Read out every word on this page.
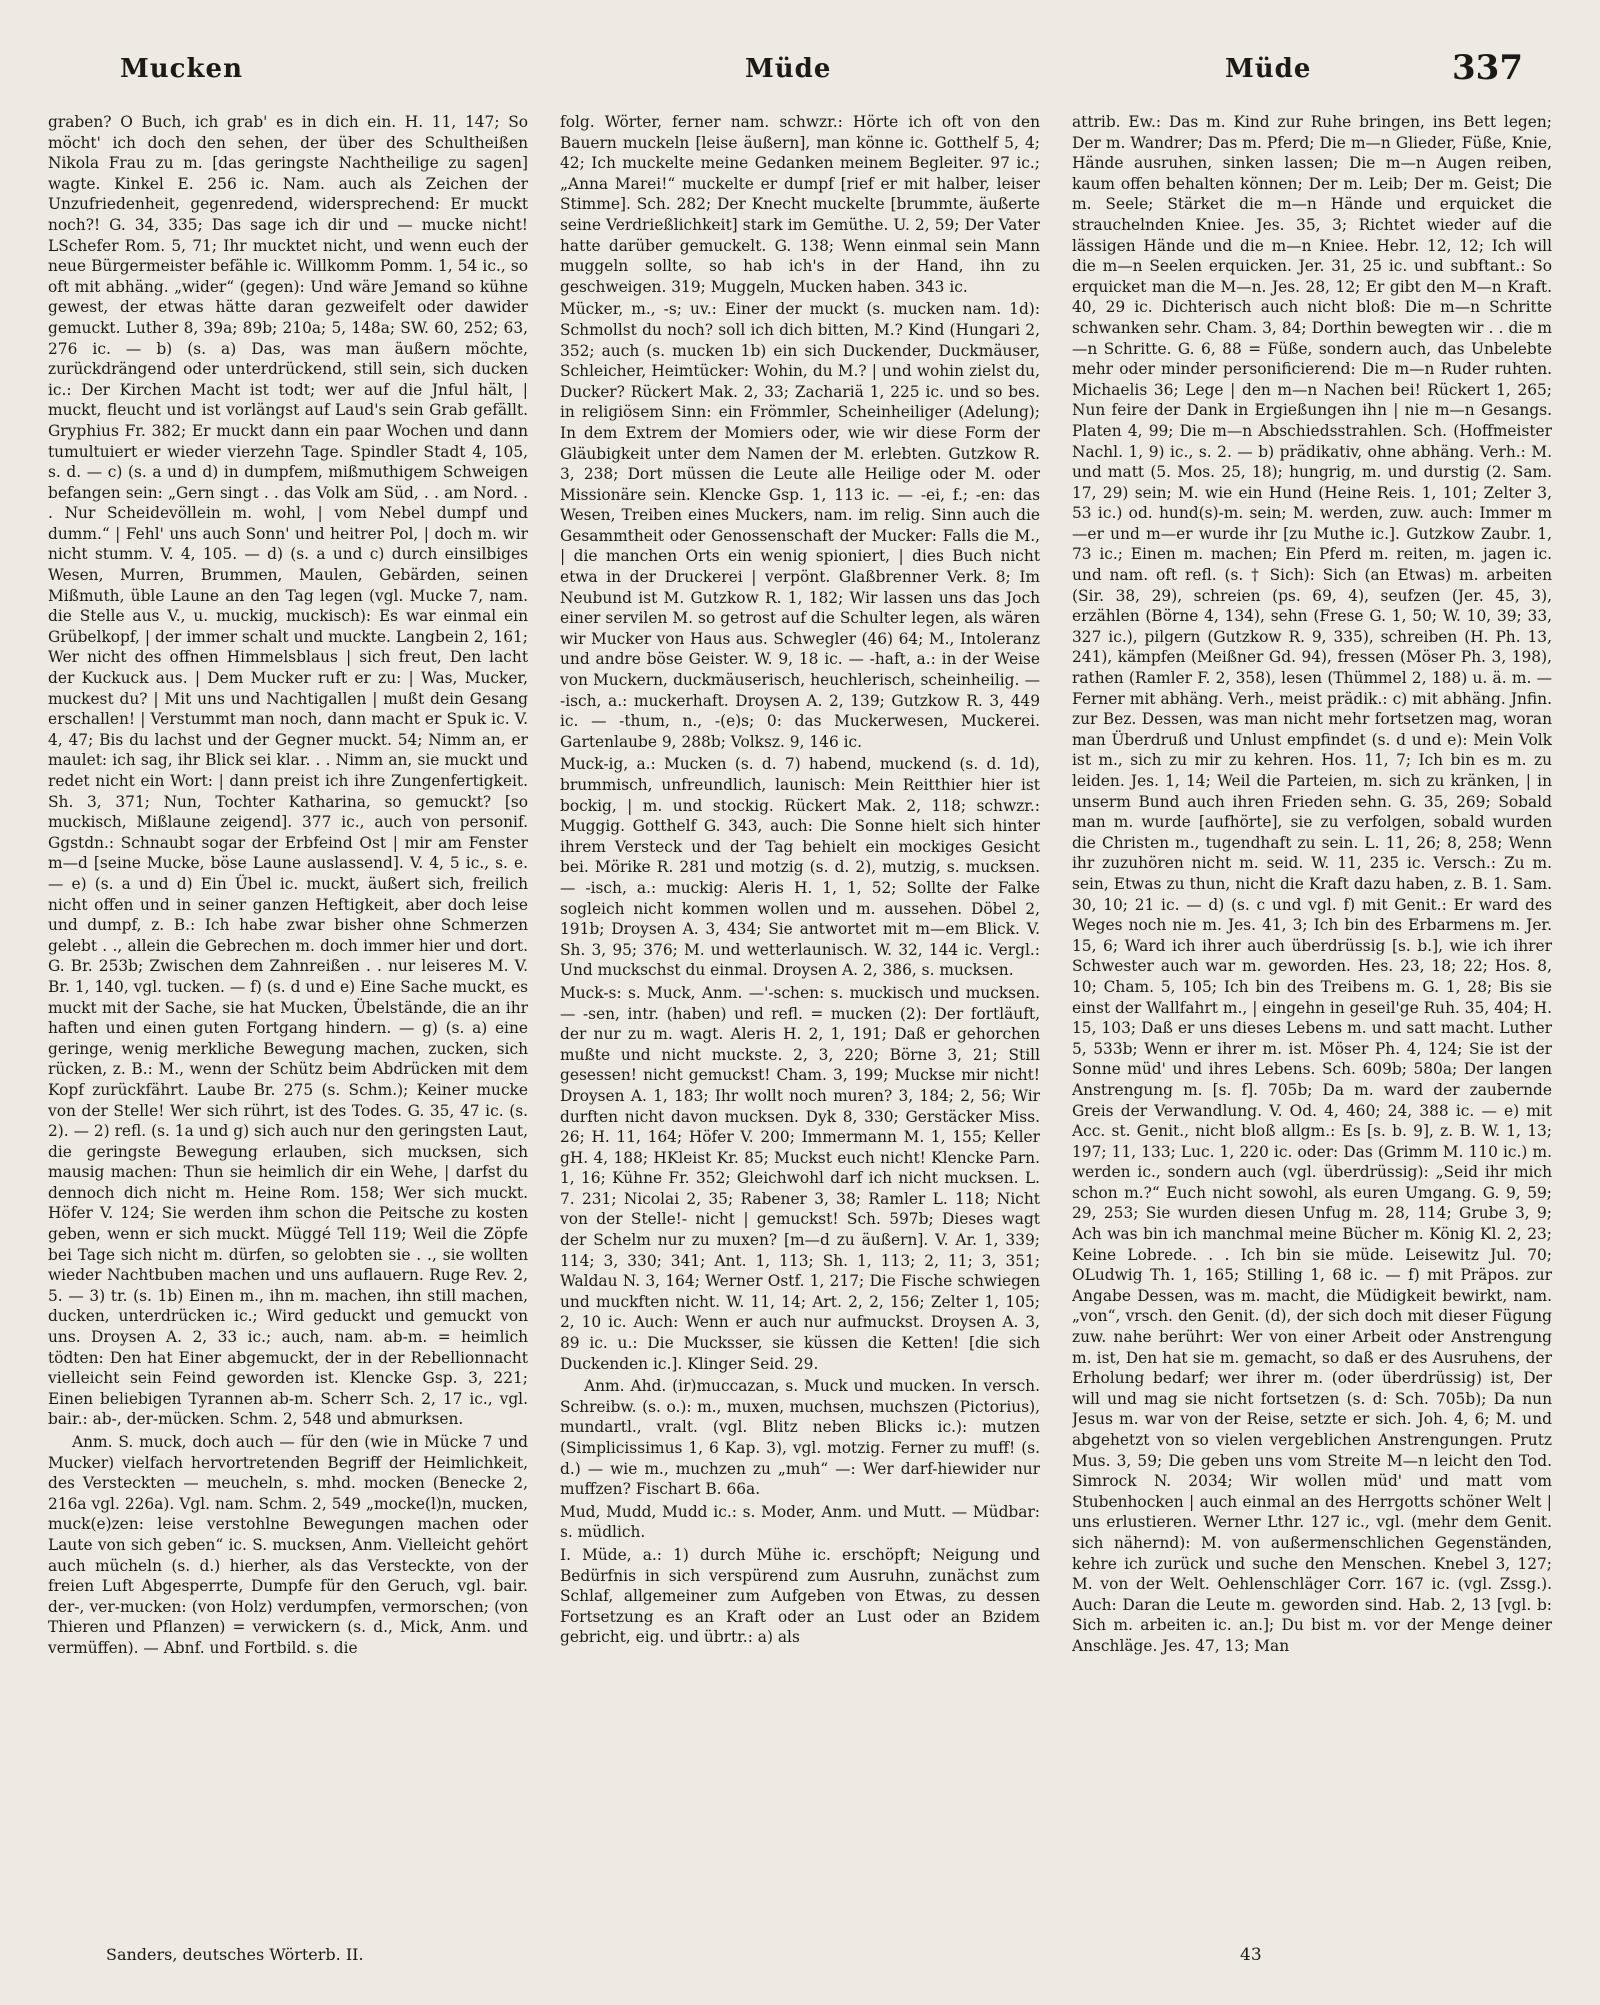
Mucken	Müde	Müde	337

graben? O Buch, ich grab' es in dich ein. H. 11, 147; So möcht' ich doch den sehen, der über des Schultheißen Nikola Frau zu m. [das geringste Nachtheilige zu sagen] wagte. Kinkel E. 256 ic. Nam. auch als Zeichen der Unzufriedenheit, gegenredend, widersprechend: Er muckt noch?! G. 34, 335; Das sage ich dir und — mucke nicht! LSchefer Rom. 5, 71; Ihr mucktet nicht, und wenn euch der neue Bürgermeister befähle ic. Willkomm Pomm. 1, 54 ic., so oft mit abhäng. „wider“ (gegen): Und wäre Jemand so kühne gewest, der etwas hätte daran gezweifelt oder dawider gemuckt. Luther 8, 39a; 89b; 210a; 5, 148a; SW. 60, 252; 63, 276 ic. — b) (s. a) Das, was man äußern möchte, zurückdrängend oder unterdrückend, still sein, sich ducken ic.: Der Kirchen Macht ist todt; wer auf die Jnful hält, | muckt, fleucht und ist vorlängst auf Laud's sein Grab gefällt. Gryphius Fr. 382; Er muckt dann ein paar Wochen und dann tumultuiert er wieder vierzehn Tage. Spindler Stadt 4, 105, s. d. — c) (s. a und d) in dumpfem, mißmuthigem Schweigen befangen sein: „Gern singt . . das Volk am Süd, . . am Nord. . . Nur Scheidevöllein m. wohl, | vom Nebel dumpf und dumm.“ | Fehl' uns auch Sonn' und heitrer Pol, | doch m. wir nicht stumm. V. 4, 105. — d) (s. a und c) durch einsilbiges Wesen, Murren, Brummen, Maulen, Gebärden, seinen Mißmuth, üble Laune an den Tag legen (vgl. Mucke 7, nam. die Stelle aus V., u. muckig, muckisch): Es war einmal ein Grübelkopf, | der immer schalt und muckte. Langbein 2, 161; Wer nicht des offnen Himmelsblaus | sich freut, Den lacht der Kuckuck aus. | Dem Mucker ruft er zu: | Was, Mucker, muckest du? | Mit uns und Nachtigallen | mußt dein Gesang erschallen! | Verstummt man noch, dann macht er Spuk ic. V. 4, 47; Bis du lachst und der Gegner muckt. 54; Nimm an, er maulet: ich sag, ihr Blick sei klar. . . Nimm an, sie muckt und redet nicht ein Wort: | dann preist ich ihre Zungenfertigkeit. Sh. 3, 371; Nun, Tochter Katharina, so gemuckt? [so muckisch, Mißlaune zeigend]. 377 ic., auch von personif. Ggstdn.: Schnaubt sogar der Erbfeind Ost | mir am Fenster m—d [seine Mucke, böse Laune auslassend]. V. 4, 5 ic., s. e. — e) (s. a und d) Ein Übel ic. muckt, äußert sich, freilich nicht offen und in seiner ganzen Heftigkeit, aber doch leise und dumpf, z. B.: Ich habe zwar bisher ohne Schmerzen gelebt . ., allein die Gebrechen m. doch immer hier und dort. G. Br. 253b; Zwischen dem Zahnreißen . . nur leiseres M. V. Br. 1, 140, vgl. tucken. — f) (s. d und e) Eine Sache muckt, es muckt mit der Sache, sie hat Mucken, Übelstände, die an ihr haften und einen guten Fortgang hindern. — g) (s. a) eine geringe, wenig merkliche Bewegung machen, zucken, sich rücken, z. B.: M., wenn der Schütz beim Abdrücken mit dem Kopf zurückfährt. Laube Br. 275 (s. Schm.); Keiner mucke von der Stelle! Wer sich rührt, ist des Todes. G. 35, 47 ic. (s. 2). — 2) refl. (s. 1a und g) sich auch nur den geringsten Laut, die geringste Bewegung erlauben, sich mucksen, sich mausig machen: Thun sie heimlich dir ein Wehe, | darfst du dennoch dich nicht m. Heine Rom. 158; Wer sich muckt. Höfer V. 124; Sie werden ihm schon die Peitsche zu kosten geben, wenn er sich muckt. Müggé Tell 119; Weil die Zöpfe bei Tage sich nicht m. dürfen, so gelobten sie . ., sie wollten wieder Nachtbuben machen und uns auflauern. Ruge Rev. 2, 5. — 3) tr. (s. 1b) Einen m., ihn m. machen, ihn still machen, ducken, unterdrücken ic.; Wird geduckt und gemuckt von uns. Droysen A. 2, 33 ic.; auch, nam. ab-m. = heimlich tödten: Den hat Einer abgemuckt, der in der Rebellionnacht vielleicht sein Feind geworden ist. Klencke Gsp. 3, 221; Einen beliebigen Tyrannen ab-m. Scherr Sch. 2, 17 ic., vgl. bair.: ab-, der-mücken. Schm. 2, 548 und abmurksen.

Anm. S. muck, doch auch — für den (wie in Mücke 7 und Mucker) vielfach hervortretenden Begriff der Heimlichkeit, des Versteckten — meucheln, s. mhd. mocken (Benecke 2, 216a vgl. 226a). Vgl. nam. Schm. 2, 549 „mocke(l)n, mucken, muck(e)zen: leise verstohlne Bewegungen machen oder Laute von sich geben“ ic. S. mucksen, Anm. Vielleicht gehört auch mücheln (s. d.) hierher, als das Versteckte, von der freien Luft Abgesperrte, Dumpfe für den Geruch, vgl. bair. der-, ver-mucken: (von Holz) verdumpfen, vermorschen; (von Thieren und Pflanzen) = verwickern (s. d., Mick, Anm. und vermüffen). — Abnf. und Fortbild. s. die

folg. Wörter, ferner nam. schwzr.: Hörte ich oft von den Bauern muckeln [leise äußern], man könne ic. Gotthelf 5, 4; 42; Ich muckelte meine Gedanken meinem Begleiter. 97 ic.; „Anna Marei!“ muckelte er dumpf [rief er mit halber, leiser Stimme]. Sch. 282; Der Knecht muckelte [brummte, äußerte seine Verdrießlichkeit] stark im Gemüthe. U. 2, 59; Der Vater hatte darüber gemuckelt. G. 138; Wenn einmal sein Mann muggeln sollte, so hab ich's in der Hand, ihn zu geschweigen. 319; Muggeln, Mucken haben. 343 ic.

Mücker, m., -s; uv.: Einer der muckt (s. mucken nam. 1d): Schmollst du noch? soll ich dich bitten, M.? Kind (Hungari 2, 352; auch (s. mucken 1b) ein sich Duckender, Duckmäuser, Schleicher, Heimtücker: Wohin, du M.? | und wohin zielst du, Ducker? Rückert Mak. 2, 33; Zachariä 1, 225 ic. und so bes. in religiösem Sinn: ein Frömmler, Scheinheiliger (Adelung); In dem Extrem der Momiers oder, wie wir diese Form der Gläubigkeit unter dem Namen der M. erlebten. Gutzkow R. 3, 238; Dort müssen die Leute alle Heilige oder M. oder Missionäre sein. Klencke Gsp. 1, 113 ic. — -ei, f.; -en: das Wesen, Treiben eines Muckers, nam. im relig. Sinn auch die Gesammtheit oder Genossenschaft der Mucker: Falls die M., | die manchen Orts ein wenig spioniert, | dies Buch nicht etwa in der Druckerei | verpönt. Glaßbrenner Verk. 8; Im Neubund ist M. Gutzkow R. 1, 182; Wir lassen uns das Joch einer servilen M. so getrost auf die Schulter legen, als wären wir Mucker von Haus aus. Schwegler (46) 64; M., Intoleranz und andre böse Geister. W. 9, 18 ic. — -haft, a.: in der Weise von Muckern, duckmäuserisch, heuchlerisch, scheinheilig. — -isch, a.: muckerhaft. Droysen A. 2, 139; Gutzkow R. 3, 449 ic. — -thum, n., -(e)s; 0: das Muckerwesen, Muckerei. Gartenlaube 9, 288b; Volksz. 9, 146 ic.

Muck-ig, a.: Mucken (s. d. 7) habend, muckend (s. d. 1d), brummisch, unfreundlich, launisch: Mein Reitthier hier ist bockig, | m. und stockig. Rückert Mak. 2, 118; schwzr.: Muggig. Gotthelf G. 343, auch: Die Sonne hielt sich hinter ihrem Versteck und der Tag behielt ein mockiges Gesicht bei. Mörike R. 281 und motzig (s. d. 2), mutzig, s. mucksen. — -isch, a.: muckig: Aleris H. 1, 1, 52; Sollte der Falke sogleich nicht kommen wollen und m. aussehen. Döbel 2, 191b; Droysen A. 3, 434; Sie antwortet mit m—em Blick. V. Sh. 3, 95; 376; M. und wetterlaunisch. W. 32, 144 ic. Vergl.: Und muckschst du einmal. Droysen A. 2, 386, s. mucksen.

Muck-s: s. Muck, Anm. —'-schen: s. muckisch und mucksen. — -sen, intr. (haben) und refl. = mucken (2): Der fortläuft, der nur zu m. wagt. Aleris H. 2, 1, 191; Daß er gehorchen mußte und nicht muckste. 2, 3, 220; Börne 3, 21; Still gesessen! nicht gemuckst! Cham. 3, 199; Muckse mir nicht! Droysen A. 1, 183; Ihr wollt noch muren? 3, 184; 2, 56; Wir durften nicht davon mucksen. Dyk 8, 330; Gerstäcker Miss. 26; H. 11, 164; Höfer V. 200; Immermann M. 1, 155; Keller gH. 4, 188; HKleist Kr. 85; Muckst euch nicht! Klencke Parn. 1, 16; Kühne Fr. 352; Gleichwohl darf ich nicht mucksen. L. 7. 231; Nicolai 2, 35; Rabener 3, 38; Ramler L. 118; Nicht von der Stelle!- nicht | gemuckst! Sch. 597b; Dieses wagt der Schelm nur zu muxen? [m—d zu äußern]. V. Ar. 1, 339; 114; 3, 330; 341; Ant. 1, 113; Sh. 1, 113; 2, 11; 3, 351; Waldau N. 3, 164; Werner Ostf. 1, 217; Die Fische schwiegen und muckften nicht. W. 11, 14; Art. 2, 2, 156; Zelter 1, 105; 2, 10 ic. Auch: Wenn er auch nur aufmuckst. Droysen A. 3, 89 ic. u.: Die Mucksser, sie küssen die Ketten! [die sich Duckenden ic.]. Klinger Seid. 29.

Anm. Ahd. (ir)muccazan, s. Muck und mucken. In versch. Schreibw. (s. o.): m., muxen, muchsen, muchszen (Pictorius), mundartl., vralt. (vgl. Blitz neben Blicks ic.): mutzen (Simplicissimus 1, 6 Kap. 3), vgl. motzig. Ferner zu muff! (s. d.) — wie m., muchzen zu „muh“ —: Wer darf-hiewider nur muffzen? Fischart B. 66a.

Mud, Mudd, Mudd ic.: s. Moder, Anm. und Mutt. — Müdbar: s. müdlich.

I. Müde, a.: 1) durch Mühe ic. erschöpft; Neigung und Bedürfnis in sich verspürend zum Ausruhn, zunächst zum Schlaf, allgemeiner zum Aufgeben von Etwas, zu dessen Fortsetzung es an Kraft oder an Lust oder an Bzidem gebricht, eig. und übrtr.: a) als

attrib. Ew.: Das m. Kind zur Ruhe bringen, ins Bett legen; Der m. Wandrer; Das m. Pferd; Die m—n Glieder, Füße, Knie, Hände ausruhen, sinken lassen; Die m—n Augen reiben, kaum offen behalten können; Der m. Leib; Der m. Geist; Die m. Seele; Stärket die m—n Hände und erquicket die strauchelnden Kniee. Jes. 35, 3; Richtet wieder auf die lässigen Hände und die m—n Kniee. Hebr. 12, 12; Ich will die m—n Seelen erquicken. Jer. 31, 25 ic. und subftant.: So erquicket man die M—n. Jes. 28, 12; Er gibt den M—n Kraft. 40, 29 ic. Dichterisch auch nicht bloß: Die m—n Schritte schwanken sehr. Cham. 3, 84; Dorthin bewegten wir . . die m—n Schritte. G. 6, 88 = Füße, sondern auch, das Unbelebte mehr oder minder personificierend: Die m—n Ruder ruhten. Michaelis 36; Lege | den m—n Nachen bei! Rückert 1, 265; Nun feire der Dank in Ergießungen ihn | nie m—n Gesangs. Platen 4, 99; Die m—n Abschiedsstrahlen. Sch. (Hoffmeister Nachl. 1, 9) ic., s. 2. — b) prädikativ, ohne abhäng. Verh.: M. und matt (5. Mos. 25, 18); hungrig, m. und durstig (2. Sam. 17, 29) sein; M. wie ein Hund (Heine Reis. 1, 101; Zelter 3, 53 ic.) od. hund(s)-m. sein; M. werden, zuw. auch: Immer m—er und m—er wurde ihr [zu Muthe ic.]. Gutzkow Zaubr. 1, 73 ic.; Einen m. machen; Ein Pferd m. reiten, m. jagen ic. und nam. oft refl. (s. † Sich): Sich (an Etwas) m. arbeiten (Sir. 38, 29), schreien (ps. 69, 4), seufzen (Jer. 45, 3), erzählen (Börne 4, 134), sehn (Frese G. 1, 50; W. 10, 39; 33, 327 ic.), pilgern (Gutzkow R. 9, 335), schreiben (H. Ph. 13, 241), kämpfen (Meißner Gd. 94), fressen (Möser Ph. 3, 198), rathen (Ramler F. 2, 358), lesen (Thümmel 2, 188) u. ä. m. — Ferner mit abhäng. Verh., meist prädik.: c) mit abhäng. Jnfin. zur Bez. Dessen, was man nicht mehr fortsetzen mag, woran man Überdruß und Unlust empfindet (s. d und e): Mein Volk ist m., sich zu mir zu kehren. Hos. 11, 7; Ich bin es m. zu leiden. Jes. 1, 14; Weil die Parteien, m. sich zu kränken, | in unserm Bund auch ihren Frieden sehn. G. 35, 269; Sobald man m. wurde [aufhörte], sie zu verfolgen, sobald wurden die Christen m., tugendhaft zu sein. L. 11, 26; 8, 258; Wenn ihr zuzuhören nicht m. seid. W. 11, 235 ic. Versch.: Zu m. sein, Etwas zu thun, nicht die Kraft dazu haben, z. B. 1. Sam. 30, 10; 21 ic. — d) (s. c und vgl. f) mit Genit.: Er ward des Weges noch nie m. Jes. 41, 3; Ich bin des Erbarmens m. Jer. 15, 6; Ward ich ihrer auch überdrüssig [s. b.], wie ich ihrer Schwester auch war m. geworden. Hes. 23, 18; 22; Hos. 8, 10; Cham. 5, 105; Ich bin des Treibens m. G. 1, 28; Bis sie einst der Wallfahrt m., | eingehn in geseil'ge Ruh. 35, 404; H. 15, 103; Daß er uns dieses Lebens m. und satt macht. Luther 5, 533b; Wenn er ihrer m. ist. Möser Ph. 4, 124; Sie ist der Sonne müd' und ihres Lebens. Sch. 609b; 580a; Der langen Anstrengung m. [s. f]. 705b; Da m. ward der zaubernde Greis der Verwandlung. V. Od. 4, 460; 24, 388 ic. — e) mit Acc. st. Genit., nicht bloß allgm.: Es [s. b. 9], z. B. W. 1, 13; 197; 11, 133; Luc. 1, 220 ic. oder: Das (Grimm M. 110 ic.) m. werden ic., sondern auch (vgl. überdrüssig): „Seid ihr mich schon m.?“ Euch nicht sowohl, als euren Umgang. G. 9, 59; 29, 253; Sie wurden diesen Unfug m. 28, 114; Grube 3, 9; Ach was bin ich manchmal meine Bücher m. König Kl. 2, 23; Keine Lobrede. . . Ich bin sie müde. Leisewitz Jul. 70; OLudwig Th. 1, 165; Stilling 1, 68 ic. — f) mit Präpos. zur Angabe Dessen, was m. macht, die Müdigkeit bewirkt, nam. „von“, vrsch. den Genit. (d), der sich doch mit dieser Fügung zuw. nahe berührt: Wer von einer Arbeit oder Anstrengung m. ist, Den hat sie m. gemacht, so daß er des Ausruhens, der Erholung bedarf; wer ihrer m. (oder überdrüssig) ist, Der will und mag sie nicht fortsetzen (s. d: Sch. 705b); Da nun Jesus m. war von der Reise, setzte er sich. Joh. 4, 6; M. und abgehetzt von so vielen vergeblichen Anstrengungen. Prutz Mus. 3, 59; Die geben uns vom Streite M—n leicht den Tod. Simrock N. 2034; Wir wollen müd' und matt vom Stubenhocken | auch einmal an des Herrgotts schöner Welt | uns erlustieren. Werner Lthr. 127 ic., vgl. (mehr dem Genit. sich nähernd): M. von außermenschlichen Gegenständen, kehre ich zurück und suche den Menschen. Knebel 3, 127; M. von der Welt. Oehlenschläger Corr. 167 ic. (vgl. Zssg.). Auch: Daran die Leute m. geworden sind. Hab. 2, 13 [vgl. b: Sich m. arbeiten ic. an.]; Du bist m. vor der Menge deiner Anschläge. Jes. 47, 13; Man

Sanders, deutsches Wörterb. II.	43
